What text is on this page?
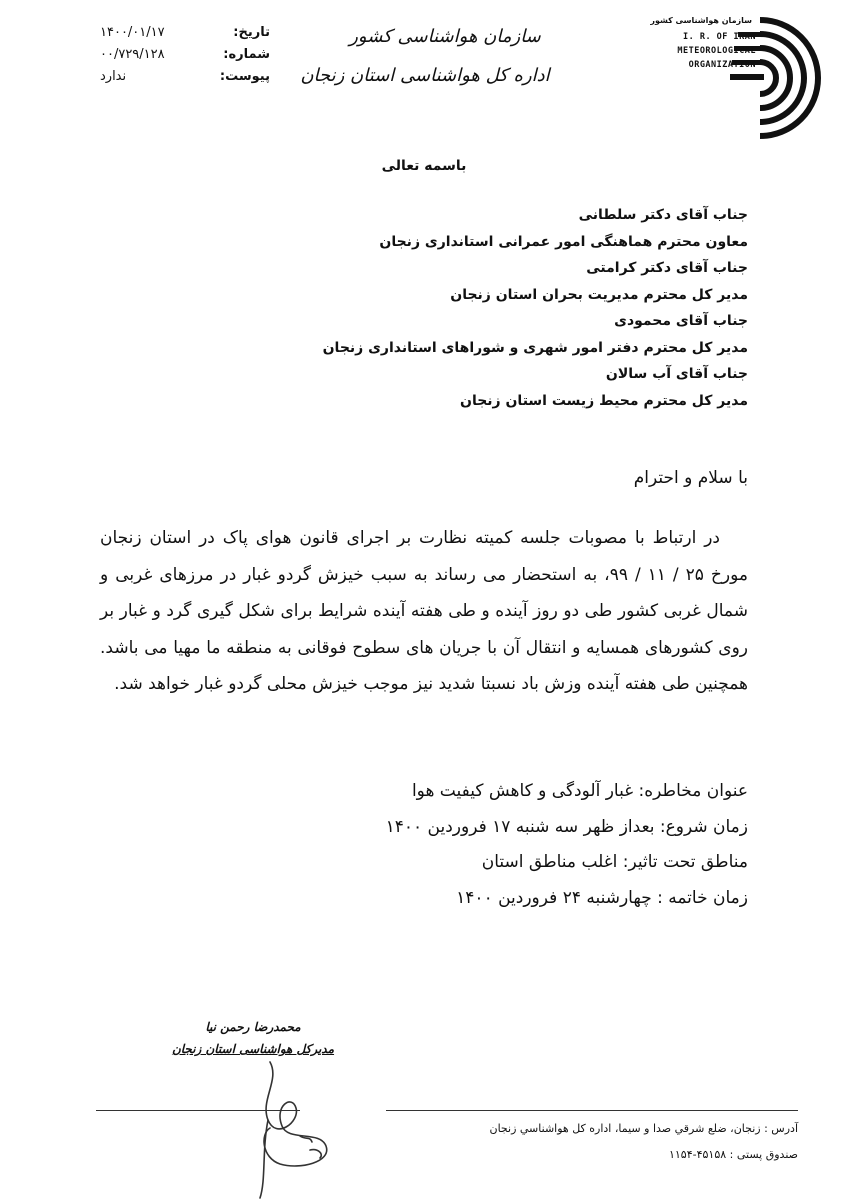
تاریخ:
۱۴۰۰/۰۱/۱۷
شماره:
۰۰/۷۲۹/۱۲۸
پیوست:
ندارد
سازمان هواشناسی کشور
اداره کل هواشناسی استان زنجان
سازمان هواشناسی کشور
I. R. OF IRAN
METEOROLOGICAL
ORGANIZATION
باسمه تعالی
جناب آقای دکتر سلطانی
معاون محترم هماهنگی امور عمرانی استانداری زنجان
جناب آقای دکتر کرامتی
مدیر کل محترم مدیریت بحران استان زنجان
جناب آقای محمودی
مدیر کل محترم دفتر امور شهری و شوراهای استانداری زنجان
جناب آقای آب سالان
مدیر کل محترم محیط زیست استان زنجان
با سلام و احترام

در ارتباط با مصوبات جلسه کمیته نظارت بر اجرای قانون هوای پاک در استان زنجان مورخ ۲۵ / ۱۱ / ۹۹، به استحضار می رساند به سبب خیزش گردو غبار در مرزهای غربی و شمال غربی کشور طی دو روز آینده و طی هفته آینده شرایط برای شکل گیری گرد و غبار بر روی کشورهای همسایه و انتقال آن با جریان های سطوح فوقانی به منطقه ما مهیا می باشد. همچنین طی هفته آینده وزش باد نسبتا شدید نیز موجب خیزش محلی گردو غبار خواهد شد.

عنوان مخاطره: غبار آلودگی و کاهش کیفیت هوا
زمان شروع: بعداز ظهر سه شنبه ۱۷ فروردین ۱۴۰۰
مناطق تحت تاثیر: اغلب مناطق استان
زمان خاتمه : چهارشنبه ۲۴ فروردین ۱۴۰۰
محمدرضا رحمن نیا
مدیرکل هواشناسی استان زنجان
آدرس : زنجان، ضلع شرقي صدا و سيما، اداره كل هواشناسي زنجان
صندوق پستی : ۴۵۱۵۸-۱۱۵۴
